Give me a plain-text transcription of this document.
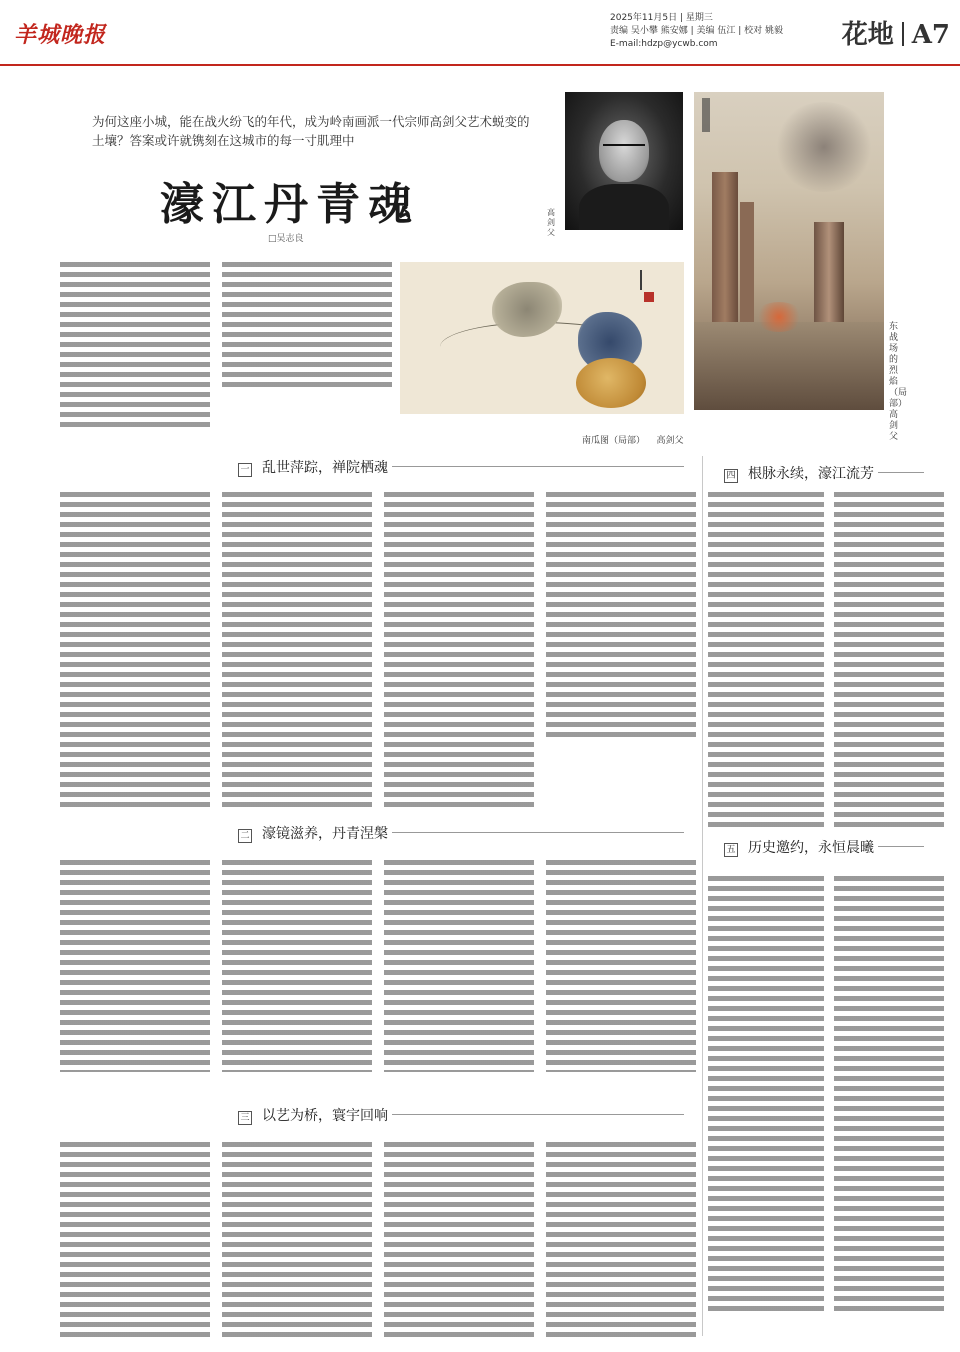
羊城晚报
2025年11月5日 | 星期三
责编 吴小攀 熊安娜 | 美编 伍江 | 校对 姚毅
E-mail:hdzp@ycwb.com	花地 A7
为何这座小城，能在战火纷飞的年代，成为岭南画派一代宗师高剑父艺术蜕变的土壤？答案或许就镌刻在这城市的每一寸肌理中
濠江丹青魂
□吴志良
高剑父
东战场的烈焰（局部） 高剑父
南瓜图（局部） 高剑父
一 乱世萍踪，禅院栖魂	四 根脉永续，濠江流芳
二 濠镜滋养，丹青涅槃
五 历史邀约，永恒晨曦
三 以艺为桥，寰宇回响
